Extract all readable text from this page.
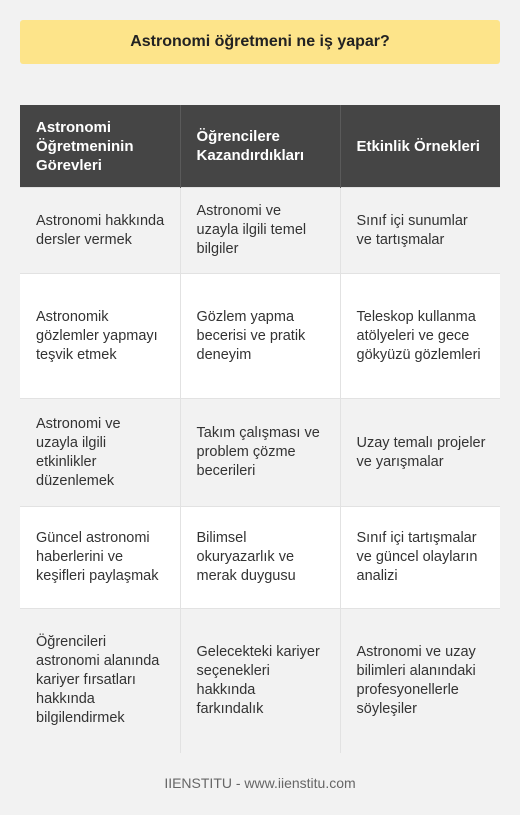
Astronomi öğretmeni ne iş yapar?
Astronomi Öğretmeninin Görevleri	Öğrencilere Kazandırdıkları	Etkinlik Örnekleri
Astronomi hakkında dersler vermek	Astronomi ve uzayla ilgili temel bilgiler	Sınıf içi sunumlar ve tartışmalar
Astronomik gözlemler yapmayı teşvik etmek	Gözlem yapma becerisi ve pratik deneyim	Teleskop kullanma atölyeleri ve gece gökyüzü gözlemleri
Astronomi ve uzayla ilgili etkinlikler düzenlemek	Takım çalışması ve problem çözme becerileri	Uzay temalı projeler ve yarışmalar
Güncel astronomi haberlerini ve keşifleri paylaşmak	Bilimsel okuryazarlık ve merak duygusu	Sınıf içi tartışmalar ve güncel olayların analizi
Öğrencileri astronomi alanında kariyer fırsatları hakkında bilgilendirmek	Gelecekteki kariyer seçenekleri hakkında farkındalık	Astronomi ve uzay bilimleri alanındaki profesyonellerle söyleşiler
IIENSTITU - www.iienstitu.com
